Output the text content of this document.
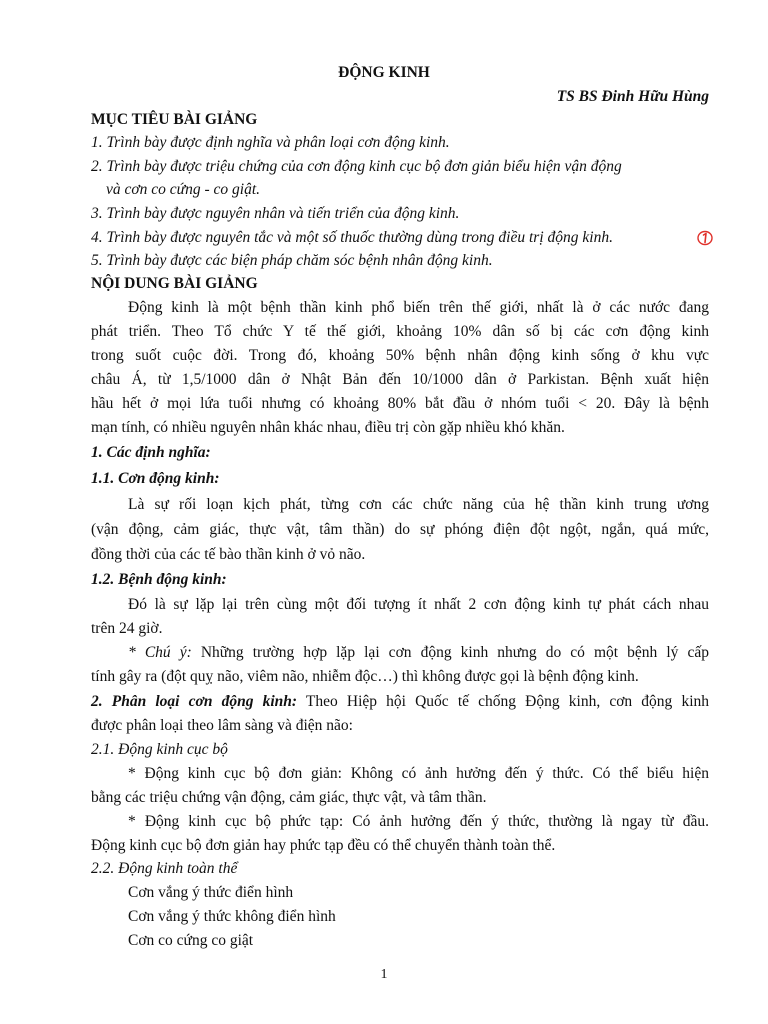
ĐỘNG KINH
TS BS Đinh Hữu Hùng
MỤC TIÊU BÀI GIẢNG
1. Trình bày được định nghĩa và phân loại cơn động kinh.
2. Trình bày được triệu chứng của cơn động kinh cục bộ đơn giản biểu hiện vận động
và cơn co cứng - co giật.
3. Trình bày được nguyên nhân và tiến triển của động kinh.
4. Trình bày được nguyên tắc và một số thuốc thường dùng trong điều trị động kinh.
5. Trình bày được các biện pháp chăm sóc bệnh nhân động kinh.
NỘI DUNG BÀI GIẢNG
Động kinh là một bệnh thần kinh phổ biến trên thế giới, nhất là ở các nước đang
phát triển. Theo Tổ chức Y tế thế giới, khoảng 10% dân số bị các cơn động kinh
trong suốt cuộc đời. Trong đó, khoảng 50% bệnh nhân động kinh sống ở khu vực
châu Á, từ 1,5/1000 dân ở Nhật Bản đến 10/1000 dân ở Parkistan. Bệnh xuất hiện
hầu hết ở mọi lứa tuổi nhưng có khoảng 80% bắt đầu ở nhóm tuổi < 20. Đây là bệnh
mạn tính, có nhiều nguyên nhân khác nhau, điều trị còn gặp nhiều khó khăn.
1. Các định nghĩa:
1.1. Cơn động kinh:
Là sự rối loạn kịch phát, từng cơn các chức năng của hệ thần kinh trung ương
(vận động, cảm giác, thực vật, tâm thần) do sự phóng điện đột ngột, ngắn, quá mức,
đồng thời của các tế bào thần kinh ở vỏ não.
1.2. Bệnh động kinh:
Đó là sự lặp lại trên cùng một đối tượng ít nhất 2 cơn động kinh tự phát cách nhau
trên 24 giờ.
* Chú ý: Những trường hợp lặp lại cơn động kinh nhưng do có một bệnh lý cấp
tính gây ra (đột quỵ não, viêm não, nhiễm độc…) thì không được gọi là bệnh động kinh.
2. Phân loại cơn động kinh: Theo Hiệp hội Quốc tế chống Động kinh, cơn động kinh
được phân loại theo lâm sàng và điện não:
2.1. Động kinh cục bộ
* Động kinh cục bộ đơn giản: Không có ảnh hưởng đến ý thức. Có thể biểu hiện
bằng các triệu chứng vận động, cảm giác, thực vật, và tâm thần.
* Động kinh cục bộ phức tạp: Có ảnh hưởng đến ý thức, thường là ngay từ đầu.
Động kinh cục bộ đơn giản hay phức tạp đều có thể chuyển thành toàn thể.
2.2. Động kinh toàn thể
Cơn vắng ý thức điển hình
Cơn vắng ý thức không điển hình
Cơn co cứng co giật
1
